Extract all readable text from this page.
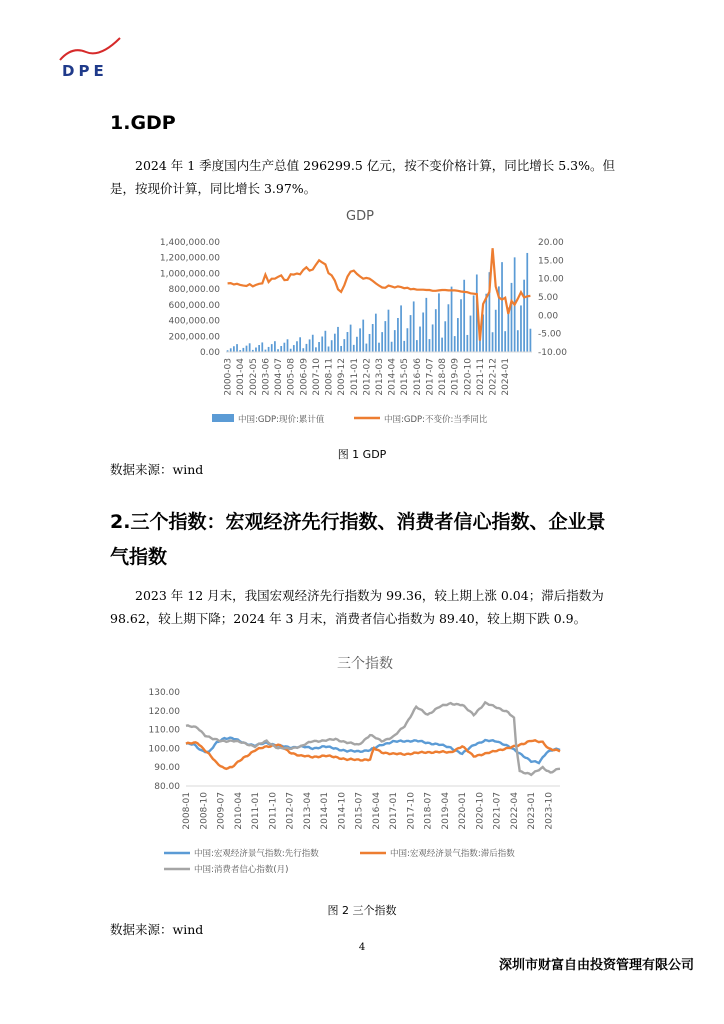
DPE
1.GDP
2024 年 1 季度国内生产总值 296299.5 亿元，按不变价格计算，同比增长 5.3%。但是，按现价计算，同比增长 3.97%。
GDP
0.00
200,000.00
400,000.00
600,000.00
800,000.00
1,000,000.00
1,200,000.00
1,400,000.00
-10.00
-5.00
0.00
5.00
10.00
15.00
20.00
2000-03 2001-04 2002-05 2003-06 2004-07 2005-08 2006-09 2007-10 2008-11 2009-12 2011-01 2012-02 2013-03 2014-04 2015-05 2016-06 2017-07 2018-08 2019-09 2020-10 2021-11 2022-12 2024-01
中国:GDP:现价:累计值	中国:GDP:不变价:当季同比
图 1 GDP
数据来源：wind
2.三个指数：宏观经济先行指数、消费者信心指数、企业景
气指数
2023 年 12 月末，我国宏观经济先行指数为 99.36，较上期上涨 0.04；滞后指数为 98.62，较上期下降；2024 年 3 月末，消费者信心指数为 89.40，较上期下跌 0.9。
三个指数
80.00
90.00
100.00
110.00
120.00
130.00
2008-01 2008-10 2009-07 2010-04 2011-01 2011-10 2012-07 2013-04 2014-01 2014-10 2015-07 2016-04 2017-01 2017-10 2018-07 2019-04 2020-01 2020-10 2021-07 2022-04 2023-01 2023-10
中国:宏观经济景气指数:先行指数	中国:宏观经济景气指数:滞后指数
中国:消费者信心指数(月)
图 2 三个指数
数据来源：wind
4
深圳市财富自由投资管理有限公司
